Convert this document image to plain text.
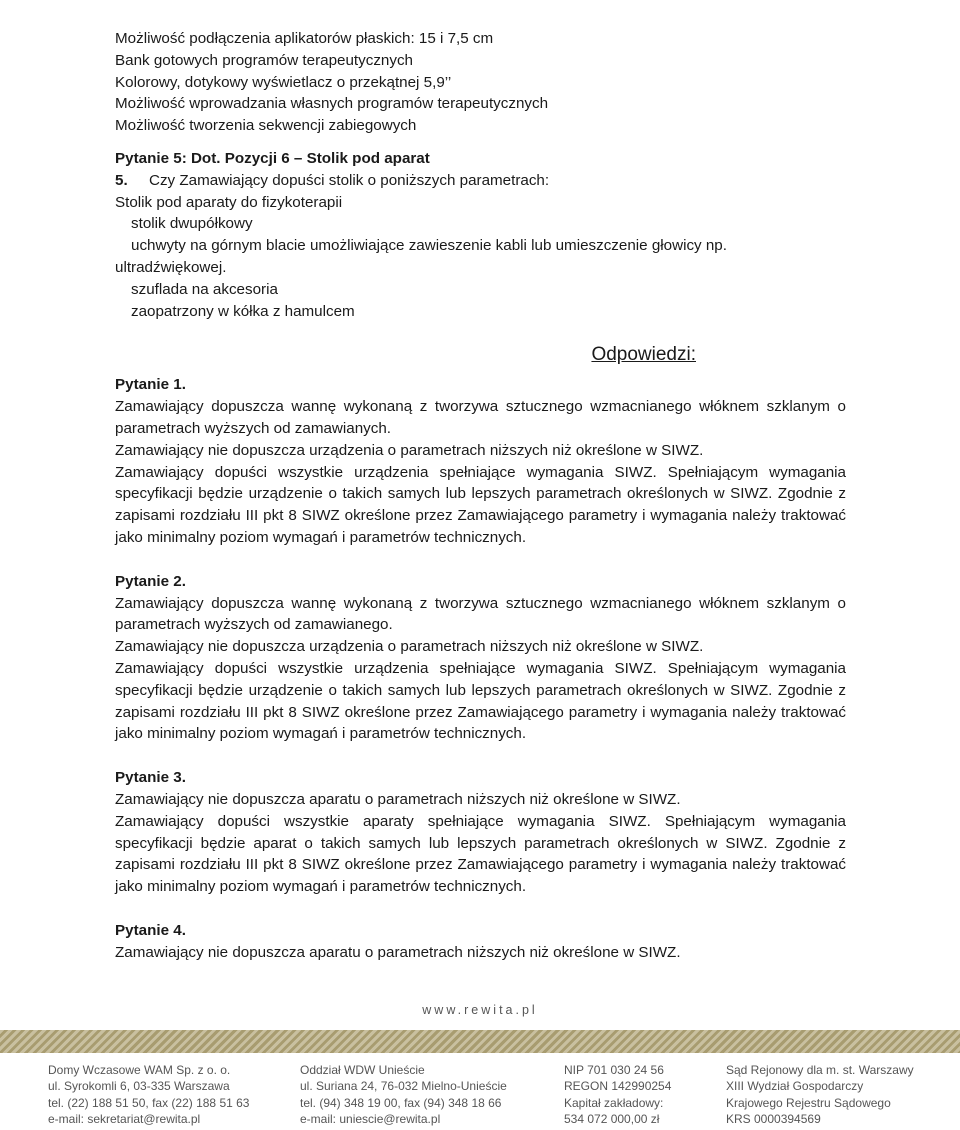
Możliwość podłączenia aplikatorów płaskich: 15 i 7,5 cm
Bank gotowych programów terapeutycznych
Kolorowy, dotykowy wyświetlacz o przekątnej 5,9’’
Możliwość wprowadzania własnych programów terapeutycznych
Możliwość tworzenia sekwencji zabiegowych
Pytanie 5: Dot. Pozycji 6 – Stolik pod aparat
5. Czy Zamawiający dopuści stolik o poniższych parametrach:
Stolik pod aparaty do fizykoterapii
stolik dwupółkowy
uchwyty na górnym blacie umożliwiające zawieszenie kabli lub umieszczenie głowicy np.
ultradźwiękowej.
szuflada na akcesoria
zaopatrzony w kółka z hamulcem
Odpowiedzi:
Pytanie 1.
Zamawiający dopuszcza wannę wykonaną z tworzywa sztucznego wzmacnianego włóknem szklanym o parametrach wyższych od zamawianych.
Zamawiający nie dopuszcza urządzenia o parametrach niższych niż określone w SIWZ.
Zamawiający dopuści wszystkie urządzenia spełniające wymagania SIWZ. Spełniającym wymagania specyfikacji będzie urządzenie o takich samych lub lepszych parametrach określonych w SIWZ. Zgodnie z zapisami rozdziału III pkt 8 SIWZ określone przez Zamawiającego parametry i wymagania należy traktować jako minimalny poziom wymagań i parametrów technicznych.
Pytanie 2.
Zamawiający dopuszcza wannę wykonaną z tworzywa sztucznego wzmacnianego włóknem szklanym o parametrach wyższych od zamawianego.
Zamawiający nie dopuszcza urządzenia o parametrach niższych niż określone w SIWZ.
Zamawiający dopuści wszystkie urządzenia spełniające wymagania SIWZ. Spełniającym wymagania specyfikacji będzie urządzenie o takich samych lub lepszych parametrach określonych w SIWZ. Zgodnie z zapisami rozdziału III pkt 8 SIWZ określone przez Zamawiającego parametry i wymagania należy traktować jako minimalny poziom wymagań i parametrów technicznych.
Pytanie 3.
Zamawiający nie dopuszcza aparatu o parametrach niższych niż określone w SIWZ.
Zamawiający dopuści wszystkie aparaty spełniające wymagania SIWZ. Spełniającym wymagania specyfikacji będzie aparat o takich samych lub lepszych parametrach określonych w SIWZ. Zgodnie z zapisami rozdziału III pkt 8 SIWZ określone przez Zamawiającego parametry i wymagania należy traktować jako minimalny poziom wymagań i parametrów technicznych.
Pytanie 4.
Zamawiający nie dopuszcza aparatu o parametrach niższych niż określone w SIWZ.
www.rewita.pl
Domy Wczasowe WAM Sp. z o. o.
ul. Syrokomli 6, 03-335 Warszawa
tel. (22) 188 51 50, fax (22) 188 51 63
e-mail: sekretariat@rewita.pl
Oddział WDW Unieście
ul. Suriana 24, 76-032 Mielno-Unieście
tel. (94) 348 19 00, fax (94) 348 18 66
e-mail: uniescie@rewita.pl
NIP 701 030 24 56
REGON 142990254
Kapitał zakładowy:
534 072 000,00 zł
Sąd Rejonowy dla m. st. Warszawy
XIII Wydział Gospodarczy
Krajowego Rejestru Sądowego
KRS 0000394569
